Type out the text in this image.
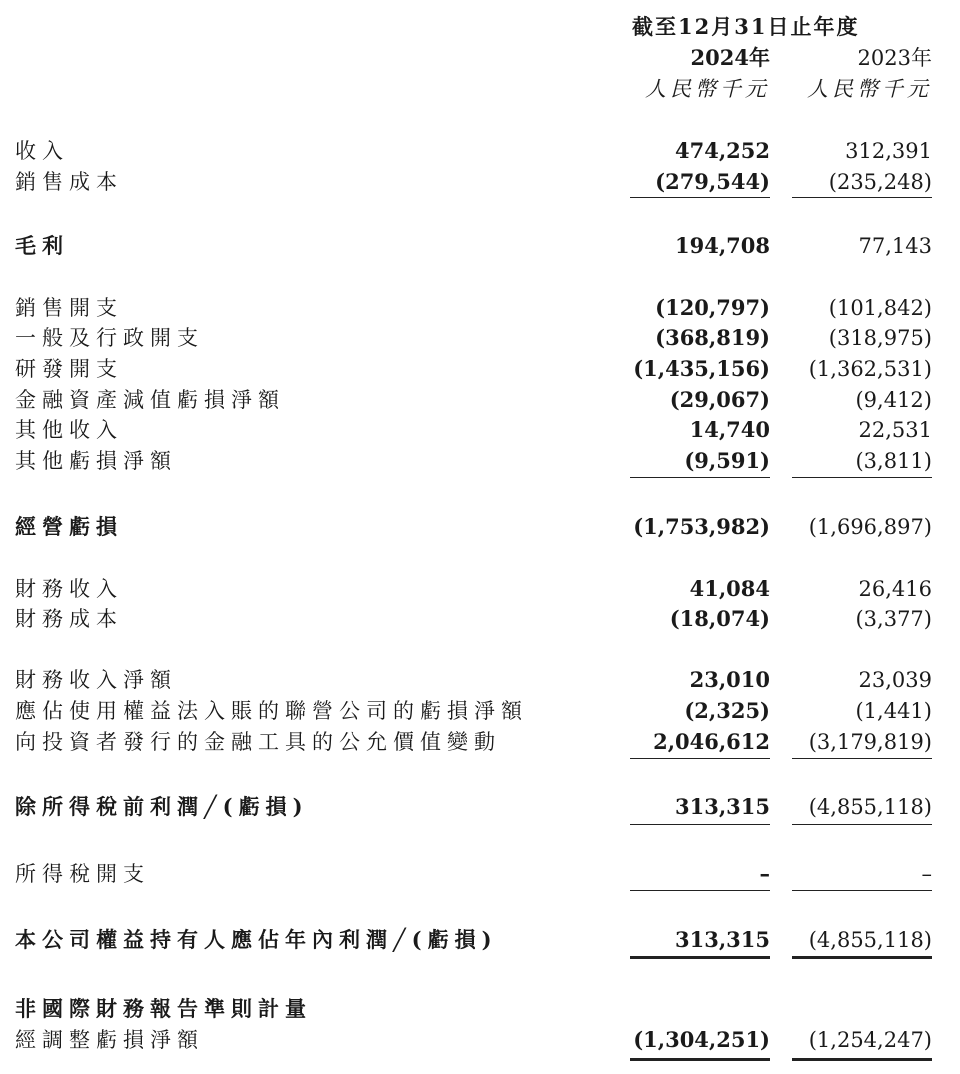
截至12月31日止年度
2024年	2023年
人民幣千元 人民幣千元
收入	474,252	312,391
銷售成本	(279,544)	(235,248)
毛利	194,708	77,143
銷售開支	(120,797)	(101,842)
一般及行政開支	(368,819)	(318,975)
研發開支	(1,435,156) (1,362,531)
金融資產減值虧損淨額	(29,067)	(9,412)
其他收入	14,740	22,531
其他虧損淨額	(9,591)	(3,811)
經營虧損	(1,753,982) (1,696,897)
財務收入	41,084	26,416
財務成本	(18,074)	(3,377)
財務收入淨額	23,010	23,039
應佔使用權益法入賬的聯營公司的虧損淨額	(2,325)	(1,441)
向投資者發行的金融工具的公允價值變動	2,046,612 (3,179,819)
除所得稅前利潤╱(虧損)	313,315 (4,855,118)
所得稅開支	–	–
本公司權益持有人應佔年內利潤╱(虧損)	313,315 (4,855,118)
非國際財務報告準則計量
經調整虧損淨額	(1,304,251) (1,254,247)
